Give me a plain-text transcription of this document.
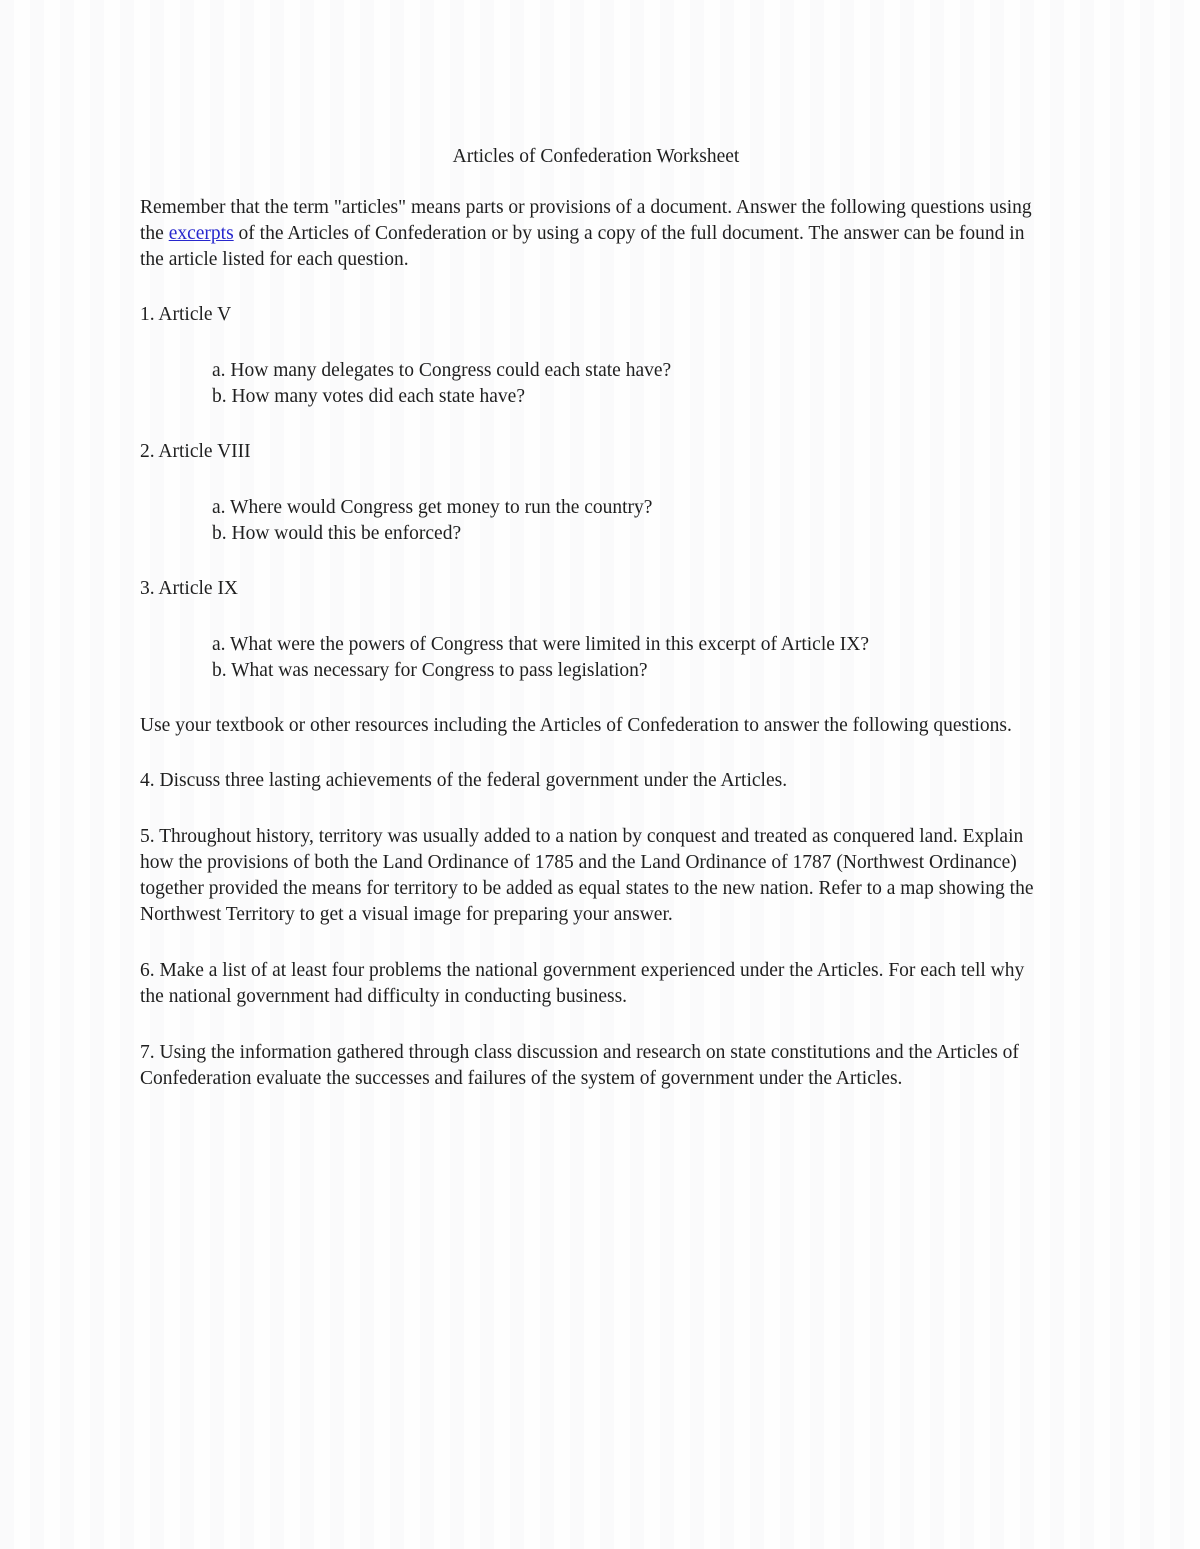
Articles of Confederation Worksheet

Remember that the term "articles" means parts or provisions of a document. Answer the following questions using the excerpts of the Articles of Confederation or by using a copy of the full document. The answer can be found in the article listed for each question.

1. Article V

a. How many delegates to Congress could each state have?

b. How many votes did each state have?

2. Article VIII

a. Where would Congress get money to run the country?

b. How would this be enforced?

3. Article IX

a. What were the powers of Congress that were limited in this excerpt of Article IX?

b. What was necessary for Congress to pass legislation?

Use your textbook or other resources including the Articles of Confederation to answer the following questions.

4. Discuss three lasting achievements of the federal government under the Articles.

5. Throughout history, territory was usually added to a nation by conquest and treated as conquered land. Explain how the provisions of both the Land Ordinance of 1785 and the Land Ordinance of 1787 (Northwest Ordinance) together provided the means for territory to be added as equal states to the new nation. Refer to a map showing the Northwest Territory to get a visual image for preparing your answer.

6. Make a list of at least four problems the national government experienced under the Articles. For each tell why the national government had difficulty in conducting business.

7. Using the information gathered through class discussion and research on state constitutions and the Articles of Confederation evaluate the successes and failures of the system of government under the Articles.
